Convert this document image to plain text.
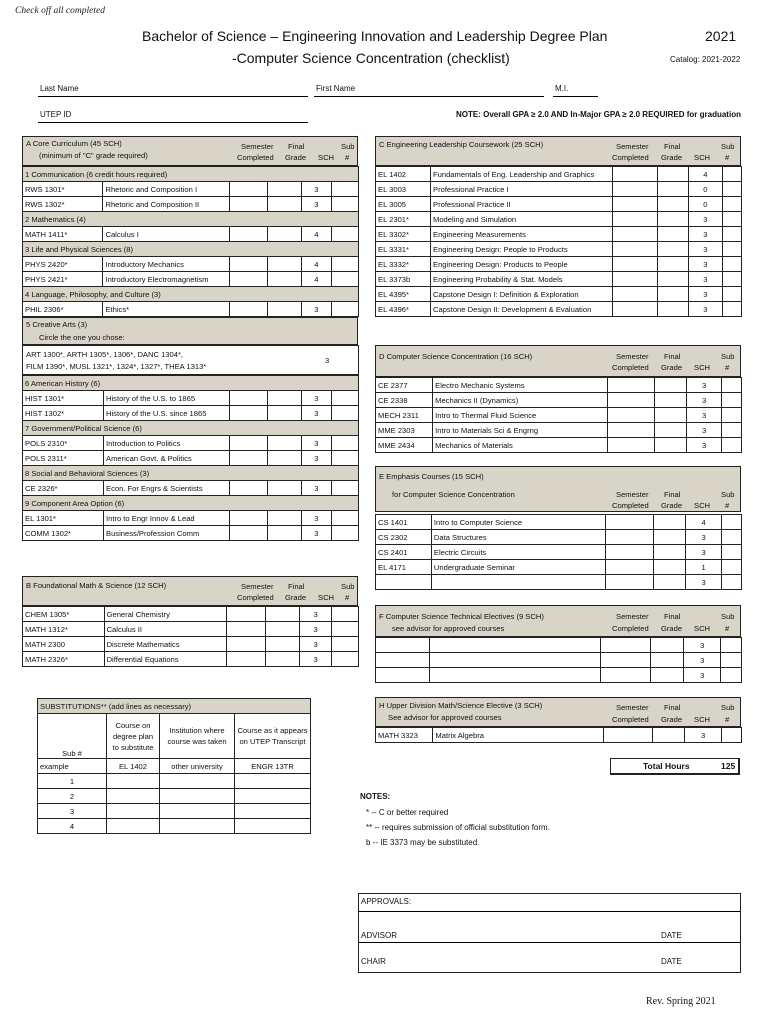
Check off all completed
Bachelor of Science – Engineering Innovation and Leadership Degree Plan
-Computer Science Concentration (checklist)
2021
Catalog: 2021-2022
Last Name	First Name	M.I.
UTEP ID	NOTE: Overall GPA ≥ 2.0 AND In-Major GPA ≥ 2.0 REQUIRED for graduation
A Core Curriculum (45 SCH)
(minimum of "C" grade required)
Semester
Completed
Final
Grade SCH
Sub
#
1 Communication (6 credit hours required)					
RWS 1301*	Rhetoric and Composition I			3	
RWS 1302*	Rhetoric and Composition II			3	
2 Mathematics (4)					
MATH 1411*	Calculus I			4	
3 Life and Physical Sciences (8)					
PHYS 2420*	Introductory Mechanics			4	
PHYS 2421*	Introductory Electromagnetism			4	
4 Language, Philosophy, and Culture (3)					
PHIL 2306*	Ethics*			3	
5 Creative Arts (3)
Circle the one you chose:
ART 1300*, ARTH 1305*, 1306*, DANC 1304*,
FILM 1390*, MUSL 1321*, 1324*, 1327*, THEA 1313*
3
6 American History (6)					
HIST 1301*	History of the U.S. to 1865			3	
HIST 1302*	History of the U.S. since 1865			3	
7 Government/Political Science (6)					
POLS 2310*	Introduction to Politics			3	
POLS 2311*	American Govt. & Politics			3	
8 Social and Behavioral Sciences (3)					
CE 2326*	Econ. For Engrs & Scientists			3	
9 Component Area Option (6)					
EL 1301*	Intro to Engr Innov & Lead			3	
COMM 1302*	Business/Profession Comm			3	
B Foundational Math & Science (12 SCH)	Semester
Completed
Final
Grade SCH
Sub
#
CHEM 1305*	General Chemistry			3	
MATH 1312*	Calculus II			3	
MATH 2300	Discrete Mathematics			3	
MATH 2326*	Differential Equations			3	
SUBSTITUTIONS** (add lines as necessary)			
Sub #	Course on
degree plan
to substitute	Institution where
course was taken	Course as it appears
on UTEP Transcript
example	EL 1402	other university	ENGR 13TR
1			
2			
3			
4			
C Engineering Leadership Coursework (25 SCH)	Semester
Completed
Final
Grade SCH
Sub
#
EL 1402	Fundamentals of Eng. Leadership and Graphics			4	
EL 3003	Professional Practice I			0	
EL 3005	Professional Practice II			0	
EL 2301*	Modeling and Simulation			3	
EL 3302*	Engineering Measurements			3	
EL 3331*	Engineering Design: People to Products			3	
EL 3332*	Engineering Design: Products to People			3	
EL 3373b	Engineering Probability & Stat. Models			3	
EL 4395*	Capstone Design I: Definition & Exploration			3	
EL 4396*	Capstone Design II: Development & Evaluation			3	
D Computer Science Concentration (16 SCH)	Semester
Completed
Final
Grade SCH
Sub
#
CE 2377	Electro Mechanic Systems			3	
CE 2338	Mechanics II (Dynamics)			3	
MECH 2311	Intro to Thermal Fluid Science			3	
MME 2303	Intro to Materials Sci & Engrng			3	
MME 2434	Mechanics of Materials			3	
E Emphasis Courses (15 SCH)
for Computer Science Concentration	Semester
Completed
Final
Grade SCH
Sub
#
CS 1401	Intro to Computer Science			4	
CS 2302	Data Structures			3	
CS 2401	Electric Circuits			3	
EL 4171	Undergraduate Seminar			1	
				3	
F Computer Science Technical Electives (9 SCH)
see advisor for approved courses
Semester
Completed
Final
Grade SCH
Sub
#
				3	
				3	
				3	
H Upper Division Math/Science Elective (3 SCH)
See advisor for approved courses
Semester
Completed
Final
Grade SCH
Sub
#
MATH 3323	Matrix Algebra			3	
Total Hours	125
NOTES:
* -- C or better required
** -- requires submission of official substitution form.
b -- IE 3373 may be substituted.
APPROVALS:
ADVISOR	DATE
CHAIR	DATE
Rev. Spring 2021
